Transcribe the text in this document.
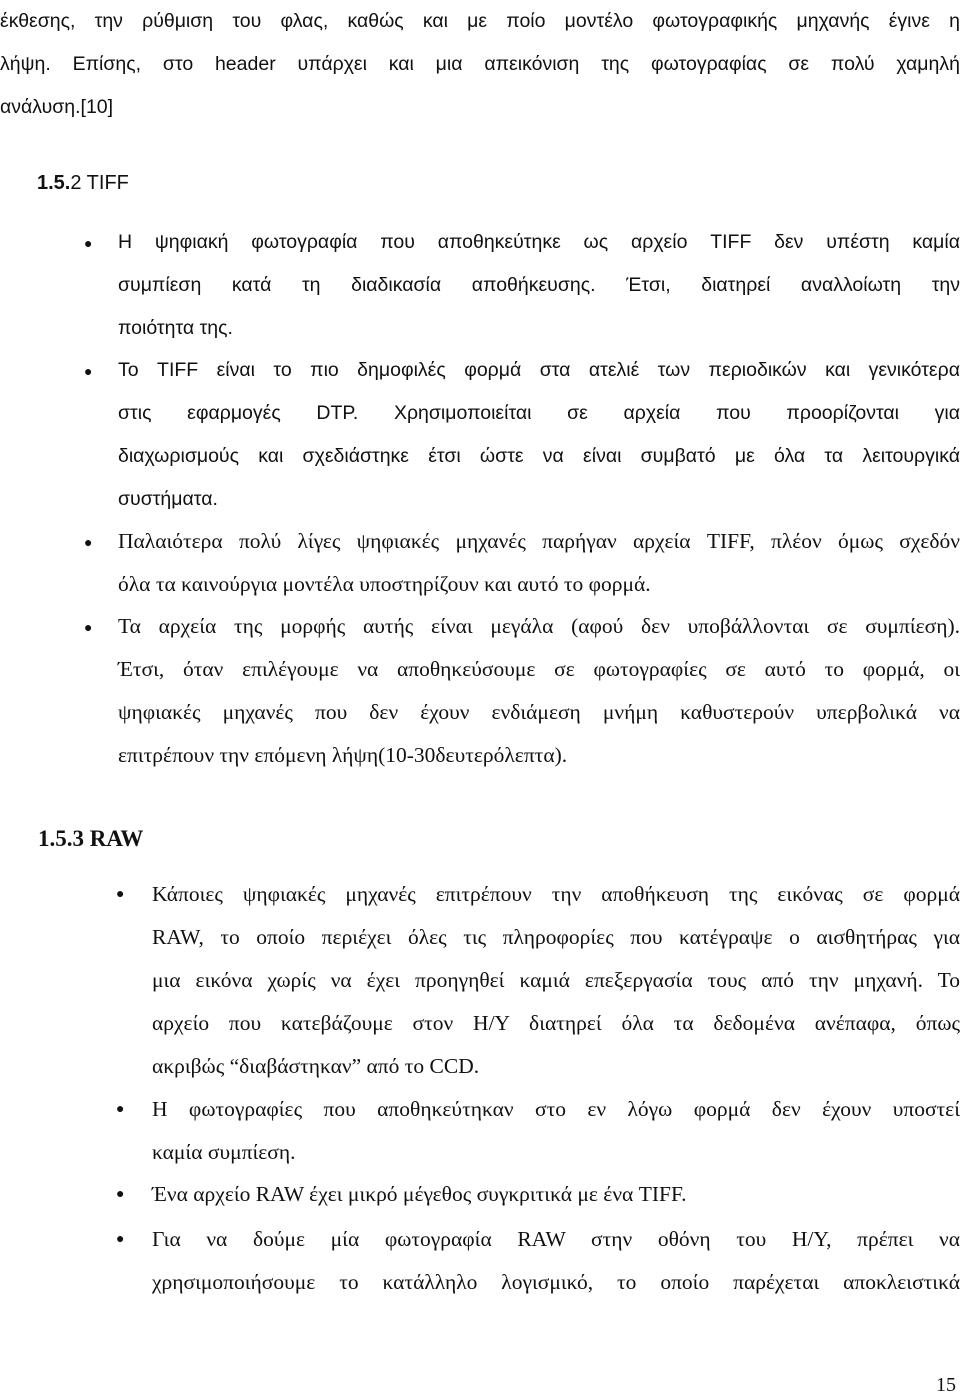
έκθεσης, την ρύθμιση του φλας, καθώς και με ποίο μοντέλο φωτογραφικής μηχανής έγινε η
λήψη. Επίσης, στο header υπάρχει και μια απεικόνιση της φωτογραφίας σε πολύ χαμηλή
ανάλυση.[10]
1.5.2 TIFF
● Η ψηφιακή φωτογραφία που αποθηκεύτηκε ως αρχείο TIFF δεν υπέστη καμία
συμπίεση κατά τη διαδικασία αποθήκευσης. Έτσι, διατηρεί αναλλοίωτη την
ποιότητα της.
● Το TIFF είναι το πιο δημοφιλές φορμά στα ατελιέ των περιοδικών και γενικότερα
στις εφαρμογές DTP. Χρησιμοποιείται σε αρχεία που προορίζονται για
διαχωρισμούς και σχεδιάστηκε έτσι ώστε να είναι συμβατό με όλα τα λειτουργικά
συστήματα.
● Παλαιότερα πολύ λίγες ψηφιακές μηχανές παρήγαν αρχεία TIFF, πλέον όμως σχεδόν
όλα τα καινούργια μοντέλα υποστηρίζουν και αυτό το φορμά.
● Τα αρχεία της μορφής αυτής είναι μεγάλα (αφού δεν υποβάλλονται σε συμπίεση).
Έτσι, όταν επιλέγουμε να αποθηκεύσουμε σε φωτογραφίες σε αυτό το φορμά, οι
ψηφιακές μηχανές που δεν έχουν ενδιάμεση μνήμη καθυστερούν υπερβολικά να
επιτρέπουν την επόμενη λήψη(10-30δευτερόλεπτα).
1.5.3 RAW
● Κάποιες ψηφιακές μηχανές επιτρέπουν την αποθήκευση της εικόνας σε φορμά
RAW, το οποίο περιέχει όλες τις πληροφορίες που κατέγραψε ο αισθητήρας για
μια εικόνα χωρίς να έχει προηγηθεί καμιά επεξεργασία τους από την μηχανή. Το
αρχείο που κατεβάζουμε στον Η/Υ διατηρεί όλα τα δεδομένα ανέπαφα, όπως
ακριβώς “διαβάστηκαν” από το CCD.
● Η φωτογραφίες που αποθηκεύτηκαν στο εν λόγω φορμά δεν έχουν υποστεί
καμία συμπίεση.
● Ένα αρχείο RAW έχει μικρό μέγεθος συγκριτικά με ένα TIFF.
● Για να δούμε μία φωτογραφία RAW στην οθόνη του Η/Υ, πρέπει να
χρησιμοποιήσουμε το κατάλληλο λογισμικό, το οποίο παρέχεται αποκλειστικά
15
